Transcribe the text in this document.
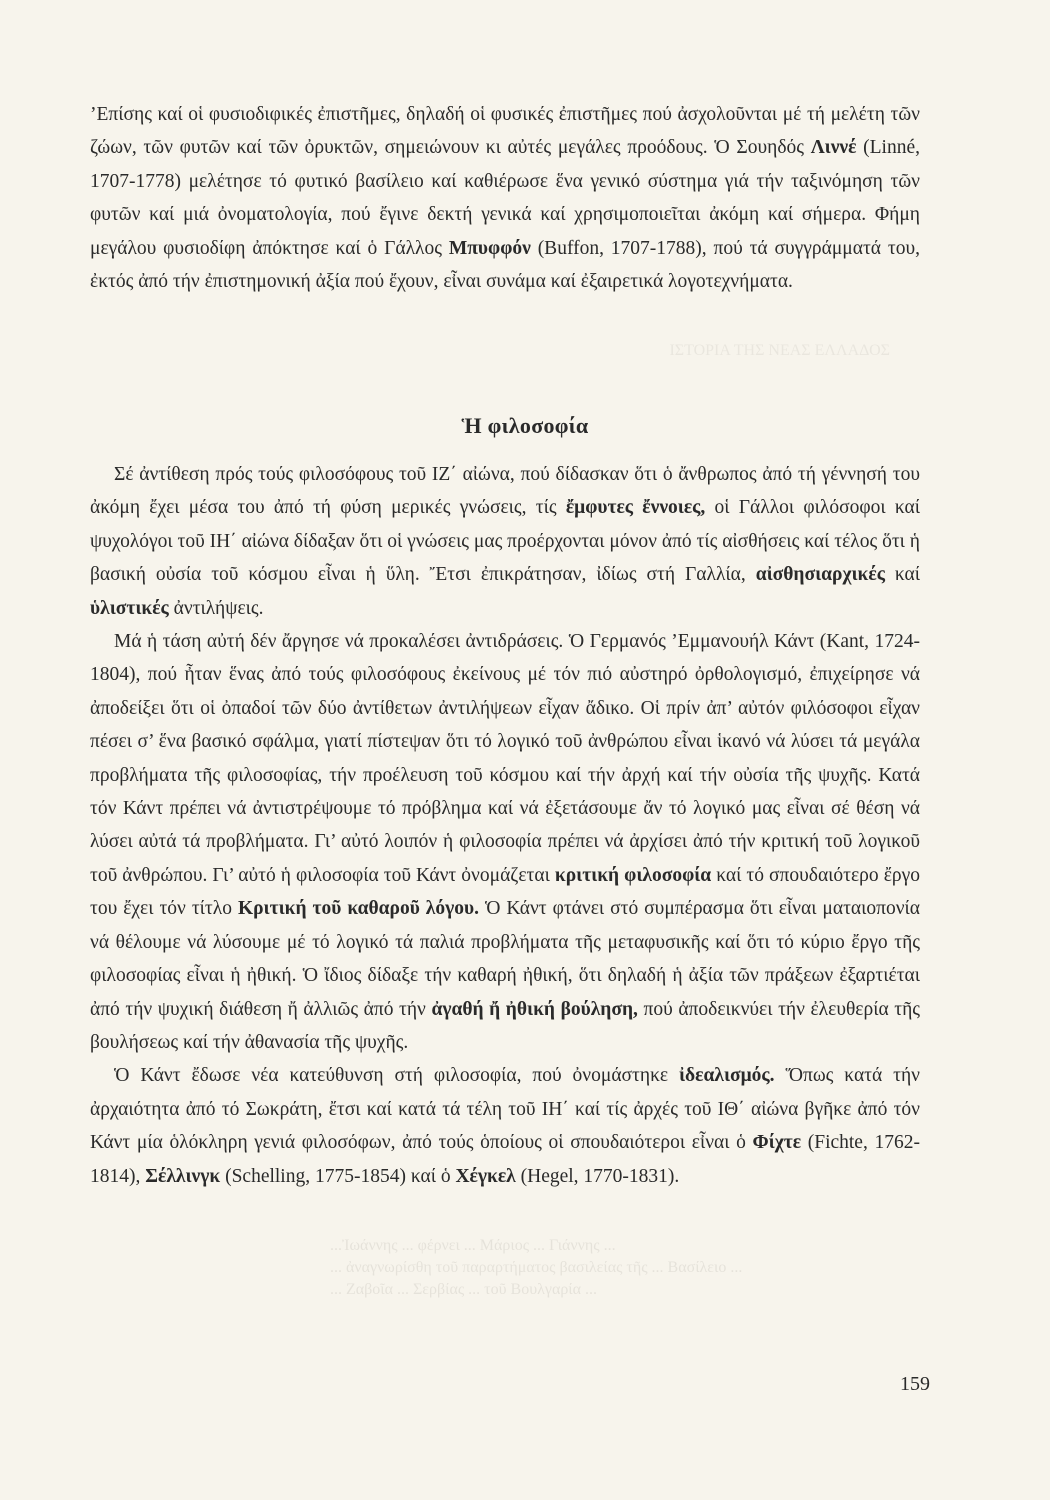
ΙΣΤΟΡΙΑ ΤΗΣ ΝΕΑΣ ΕΛΛΑΔΟΣ

’Επίσης καί οἱ φυσιοδιφικές ἐπιστῆμες, δηλαδή οἱ φυσικές ἐπιστῆμες πού ἀσχολοῦνται μέ τή μελέτη τῶν ζώων, τῶν φυτῶν καί τῶν ὀρυκτῶν, σημειώνουν κι αὐτές μεγάλες προόδους. Ὁ Σουηδός Λιννέ (Linné, 1707-1778) μελέτησε τό φυτικό βασίλειο καί καθιέρωσε ἕνα γενικό σύστημα γιά τήν ταξινόμηση τῶν φυτῶν καί μιά ὀνοματολογία, πού ἔγινε δεκτή γενικά καί χρησιμοποιεῖται ἀκόμη καί σήμερα. Φήμη μεγάλου φυσιοδίφη ἀπόκτησε καί ὁ Γάλλος Μπυφφόν (Buffon, 1707-1788), πού τά συγγράμματά του, ἐκτός ἀπό τήν ἐπιστημονική ἀξία πού ἔχουν, εἶναι συνάμα καί ἐξαιρετικά λογοτεχνήματα.

Ἡ φιλοσοφία

Σέ ἀντίθεση πρός τούς φιλοσόφους τοῦ ΙΖ΄ αἰώνα, πού δίδασκαν ὅτι ὁ ἄνθρωπος ἀπό τή γέννησή του ἀκόμη ἔχει μέσα του ἀπό τή φύση μερικές γνώσεις, τίς ἔμφυτες ἔννοιες, οἱ Γάλλοι φιλόσοφοι καί ψυχολόγοι τοῦ ΙΗ΄ αἰώνα δίδαξαν ὅτι οἱ γνώσεις μας προέρχονται μόνον ἀπό τίς αἰσθήσεις καί τέλος ὅτι ἡ βασική οὐσία τοῦ κόσμου εἶναι ἡ ὕλη. Ἔτσι ἐπικράτησαν, ἰδίως στή Γαλλία, αἰσθησιαρχικές καί ὑλιστικές ἀντιλήψεις.

Μά ἡ τάση αὐτή δέν ἄργησε νά προκαλέσει ἀντιδράσεις. Ὁ Γερμανός ’Εμμανουήλ Κάντ (Kant, 1724-1804), πού ἦταν ἕνας ἀπό τούς φιλοσόφους ἐκείνους μέ τόν πιό αὐστηρό ὀρθολογισμό, ἐπιχείρησε νά ἀποδείξει ὅτι οἱ ὀπαδοί τῶν δύο ἀντίθετων ἀντιλήψεων εἶχαν ἄδικο. Οἱ πρίν ἀπ’ αὐτόν φιλόσοφοι εἶχαν πέσει σ’ ἕνα βασικό σφάλμα, γιατί πίστεψαν ὅτι τό λογικό τοῦ ἀνθρώπου εἶναι ἱκανό νά λύσει τά μεγάλα προβλήματα τῆς φιλοσοφίας, τήν προέλευση τοῦ κόσμου καί τήν ἀρχή καί τήν οὐσία τῆς ψυχῆς. Κατά τόν Κάντ πρέπει νά ἀντιστρέψουμε τό πρόβλημα καί νά ἐξετάσουμε ἄν τό λογικό μας εἶναι σέ θέση νά λύσει αὐτά τά προβλήματα. Γι’ αὐτό λοιπόν ἡ φιλοσοφία πρέπει νά ἀρχίσει ἀπό τήν κριτική τοῦ λογικοῦ τοῦ ἀνθρώπου. Γι’ αὐτό ἡ φιλοσοφία τοῦ Κάντ ὀνομάζεται κριτική φιλοσοφία καί τό σπουδαιότερο ἔργο του ἔχει τόν τίτλο Κριτική τοῦ καθαροῦ λόγου. Ὁ Κάντ φτάνει στό συμπέρασμα ὅτι εἶναι ματαιοπονία νά θέλουμε νά λύσουμε μέ τό λογικό τά παλιά προβλήματα τῆς μεταφυσικῆς καί ὅτι τό κύριο ἔργο τῆς φιλοσοφίας εἶναι ἡ ἠθική. Ὁ ἴδιος δίδαξε τήν καθαρή ἠθική, ὅτι δηλαδή ἡ ἀξία τῶν πράξεων ἐξαρτιέται ἀπό τήν ψυχική διάθεση ἤ ἀλλιῶς ἀπό τήν ἀγαθή ἤ ἠθική βούληση, πού ἀποδεικνύει τήν ἐλευθερία τῆς βουλήσεως καί τήν ἀθανασία τῆς ψυχῆς.

Ὁ Κάντ ἔδωσε νέα κατεύθυνση στή φιλοσοφία, πού ὀνομάστηκε ἰδεαλισμός. Ὅπως κατά τήν ἀρχαιότητα ἀπό τό Σωκράτη, ἔτσι καί κατά τά τέλη τοῦ ΙΗ΄ καί τίς ἀρχές τοῦ ΙΘ΄ αἰώνα βγῆκε ἀπό τόν Κάντ μία ὁλόκληρη γενιά φιλοσόφων, ἀπό τούς ὁποίους οἱ σπουδαιότεροι εἶναι ὁ Φίχτε (Fichte, 1762-1814), Σέλλινγκ (Schelling, 1775-1854) καί ὁ Χέγκελ (Hegel, 1770-1831).

...Ἰωάννης ... φέρνει ... Μάριος ... Γιάννης ...
... ἀναγνωρίσθη τοῦ παραρτήματος βασιλείας τῆς ... Βασίλειο ...
... Ζαβοῖα ... Σερβίας ... τοῦ Βουλγαρία ...
159
